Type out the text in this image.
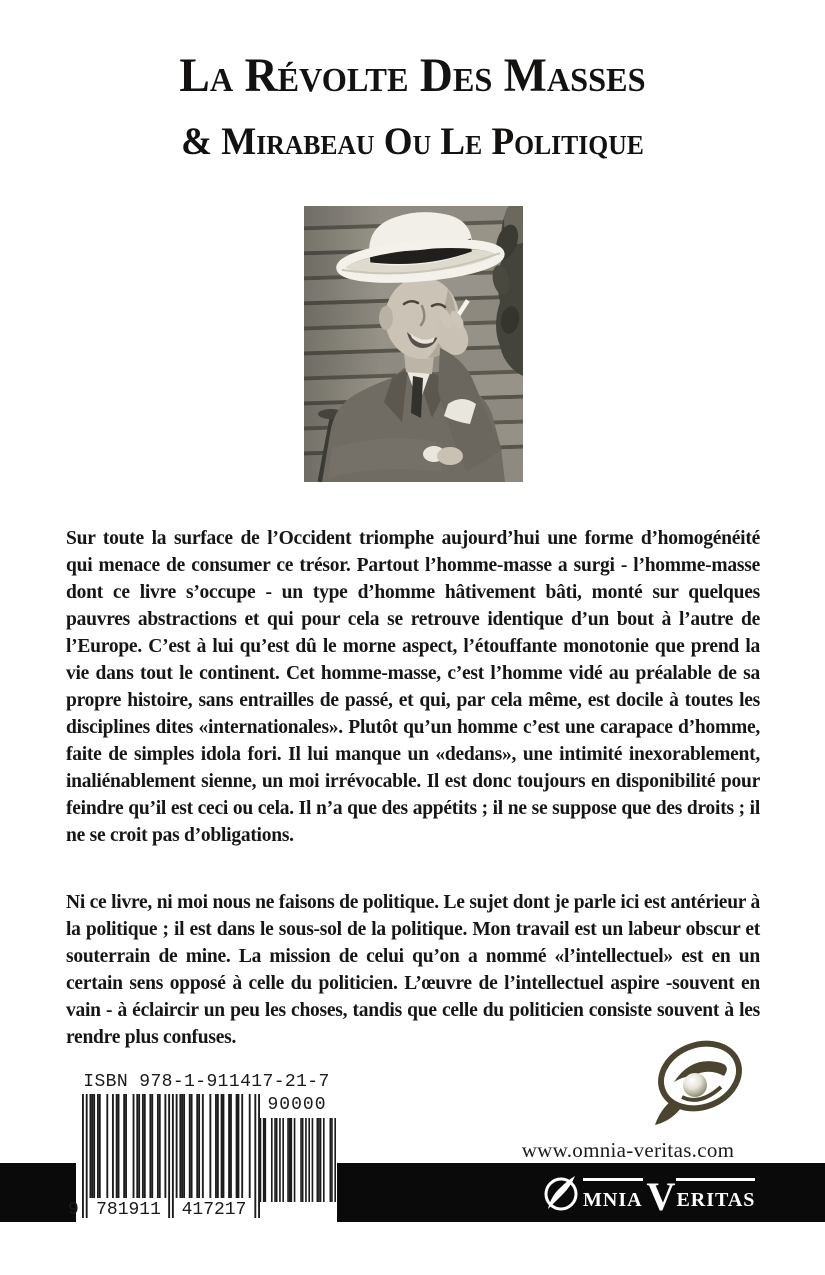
La Révolte Des Masses
& Mirabeau Ou Le Politique

Sur toute la surface de l’Occident triomphe aujourd’hui une forme d’homogénéité qui menace de consumer ce trésor. Partout l’homme-masse a surgi - l’homme-masse dont ce livre s’occupe - un type d’homme hâtivement bâti, monté sur quelques pauvres abstractions et qui pour cela se retrouve identique d’un bout à l’autre de l’Europe. C’est à lui qu’est dû le morne aspect, l’étouffante monotonie que prend la vie dans tout le continent. Cet homme-masse, c’est l’homme vidé au préalable de sa propre histoire, sans entrailles de passé, et qui, par cela même, est docile à toutes les disciplines dites «internationales». Plutôt qu’un homme c’est une carapace d’homme, faite de simples idola fori. Il lui manque un «dedans», une intimité inexorablement, inaliénablement sienne, un moi irrévocable. Il est donc toujours en disponibilité pour feindre qu’il est ceci ou cela. Il n’a que des appétits ; il ne se suppose que des droits ; il ne se croit pas d’obligations.

Ni ce livre, ni moi nous ne faisons de politique. Le sujet dont je parle ici est antérieur à la politique ; il est dans le sous-sol de la politique. Mon travail est un labeur obscur et souterrain de mine. La mission de celui qu’on a nommé «l’intellectuel» est en un certain sens opposé à celle du politicien. L’œuvre de l’intellectuel aspire -souvent en vain - à éclaircir un peu les choses, tandis que celle du politicien consiste souvent à les rendre plus confuses.

www.omnia-veritas.com
mnia V eritas
ISBN 978-1-911417-21-7
9 781911	417217
90000
